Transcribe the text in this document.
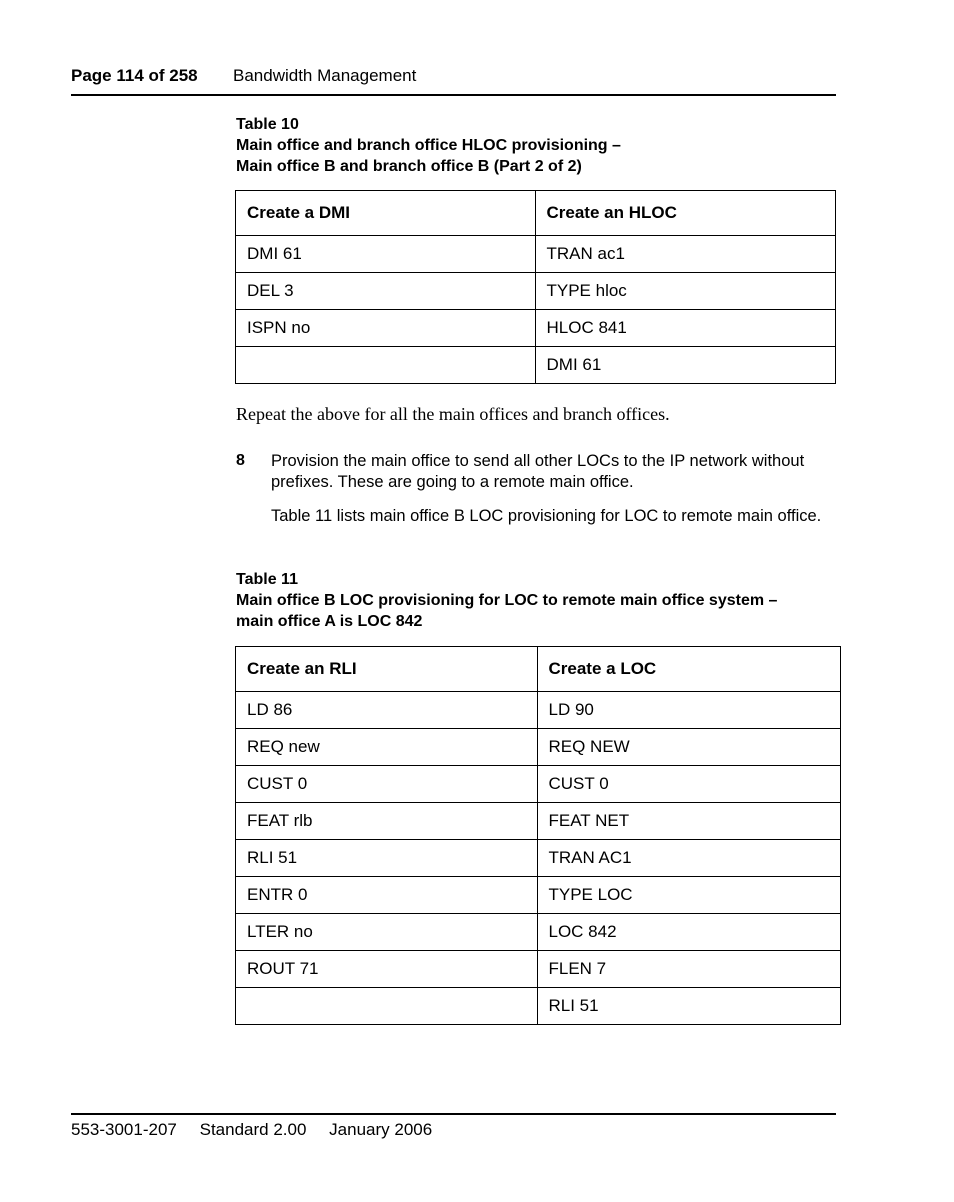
Page 114 of 258 Bandwidth Management
Table 10
Main office and branch office HLOC provisioning –
Main office B and branch office B (Part 2 of 2)
Create a DMI	Create an HLOC
DMI 61	TRAN ac1
DEL 3	TYPE hloc
ISPN no	HLOC 841
	DMI 61
Repeat the above for all the main offices and branch offices.
8 Provision the main office to send all other LOCs to the IP network without prefixes. These are going to a remote main office.
Table 11 lists main office B LOC provisioning for LOC to remote main office.
Table 11
Main office B LOC provisioning for LOC to remote main office system –
main office A is LOC 842
Create an RLI	Create a LOC
LD 86	LD 90
REQ new	REQ NEW
CUST 0	CUST 0
FEAT rlb	FEAT NET
RLI 51	TRAN AC1
ENTR 0	TYPE LOC
LTER no	LOC 842
ROUT 71	FLEN 7
	RLI 51
553-3001-207 Standard 2.00 January 2006
